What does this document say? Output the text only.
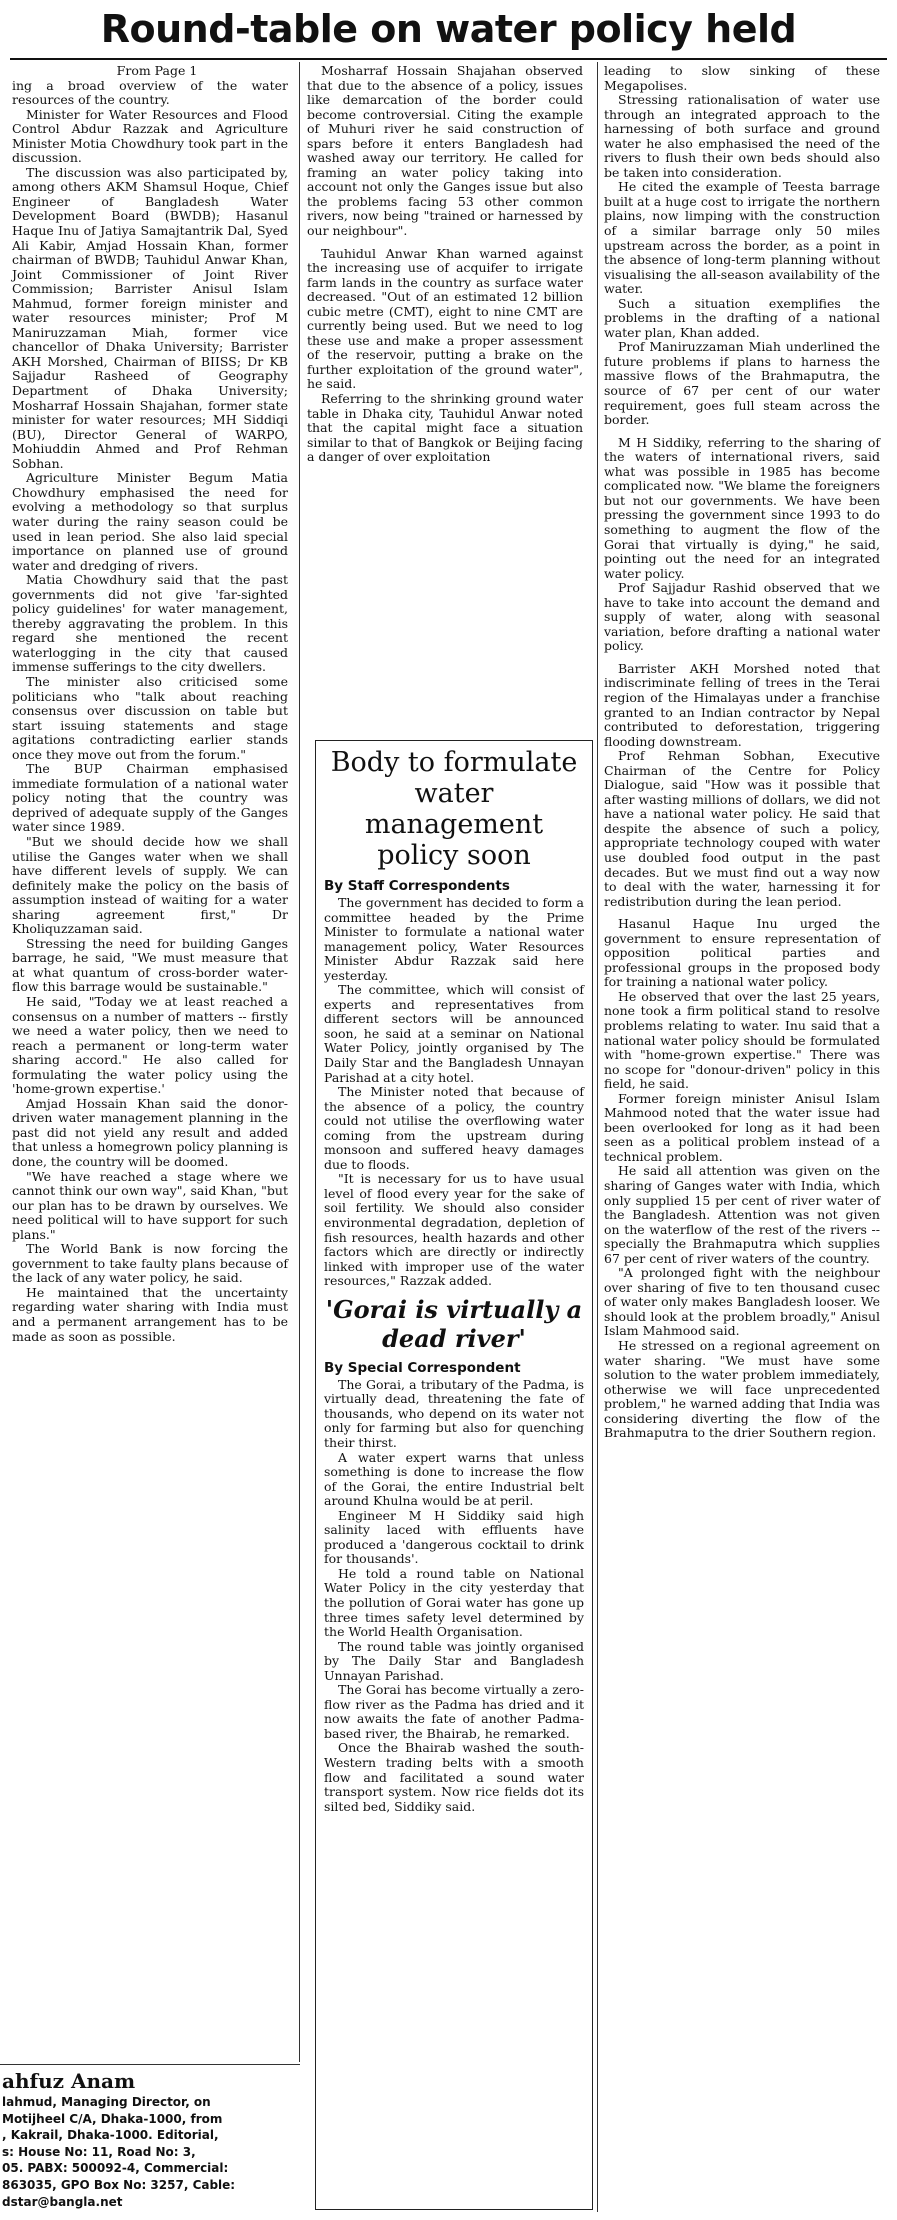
Round-table on water policy held

From Page 1

ing a broad overview of the water resources of the country.

Minister for Water Resources and Flood Control Abdur Razzak and Agriculture Minister Motia Chowdhury took part in the discussion.

The discussion was also participated by, among others AKM Shamsul Hoque, Chief Engineer of Bangladesh Water Development Board (BWDB); Hasanul Haque Inu of Jatiya Samajtantrik Dal, Syed Ali Kabir, Amjad Hossain Khan, former chairman of BWDB; Tauhidul Anwar Khan, Joint Commissioner of Joint River Commission; Barrister Anisul Islam Mahmud, former foreign minister and water resources minister; Prof M Maniruzzaman Miah, former vice chancellor of Dhaka University; Barrister AKH Morshed, Chairman of BIISS; Dr KB Sajjadur Rasheed of Geography Department of Dhaka University; Mosharraf Hossain Shajahan, former state minister for water resources; MH Siddiqi (BU), Director General of WARPO, Mohiuddin Ahmed and Prof Rehman Sobhan.

Agriculture Minister Begum Matia Chowdhury emphasised the need for evolving a methodology so that surplus water during the rainy season could be used in lean period. She also laid special importance on planned use of ground water and dredging of rivers.

Matia Chowdhury said that the past governments did not give 'far-sighted policy guidelines' for water management, thereby aggravating the problem. In this regard she mentioned the recent waterlogging in the city that caused immense sufferings to the city dwellers.

The minister also criticised some politicians who "talk about reaching consensus over discussion on table but start issuing statements and stage agitations contradicting earlier stands once they move out from the forum."

The BUP Chairman emphasised immediate formulation of a national water policy noting that the country was deprived of adequate supply of the Ganges water since 1989.

"But we should decide how we shall utilise the Ganges water when we shall have different levels of supply. We can definitely make the policy on the basis of assumption instead of waiting for a water sharing agreement first," Dr Kholiquzzaman said.

Stressing the need for building Ganges barrage, he said, "We must measure that at what quantum of cross-border water-flow this barrage would be sustainable."

He said, "Today we at least reached a consensus on a number of matters -- firstly we need a water policy, then we need to reach a permanent or long-term water sharing accord." He also called for formulating the water policy using the 'home-grown expertise.'

Amjad Hossain Khan said the donor-driven water management planning in the past did not yield any result and added that unless a homegrown policy planning is done, the country will be doomed.

"We have reached a stage where we cannot think our own way", said Khan, "but our plan has to be drawn by ourselves. We need political will to have support for such plans."

The World Bank is now forcing the government to take faulty plans because of the lack of any water policy, he said.

He maintained that the uncertainty regarding water sharing with India must and a permanent arrangement has to be made as soon as possible.

Mosharraf Hossain Shajahan observed that due to the absence of a policy, issues like demarcation of the border could become controversial. Citing the example of Muhuri river he said construction of spars before it enters Bangladesh had washed away our territory. He called for framing an water policy taking into account not only the Ganges issue but also the problems facing 53 other common rivers, now being "trained or harnessed by our neighbour".

Tauhidul Anwar Khan warned against the increasing use of acquifer to irrigate farm lands in the country as surface water decreased. "Out of an estimated 12 billion cubic metre (CMT), eight to nine CMT are currently being used. But we need to log these use and make a proper assessment of the reservoir, putting a brake on the further exploitation of the ground water", he said.

Referring to the shrinking ground water table in Dhaka city, Tauhidul Anwar noted that the capital might face a situation similar to that of Bangkok or Beijing facing a danger of over exploitation

Body to formulate water management policy soon
By Staff Correspondents

The government has decided to form a committee headed by the Prime Minister to formulate a national water management policy, Water Resources Minister Abdur Razzak said here yesterday.

The committee, which will consist of experts and representatives from different sectors will be announced soon, he said at a seminar on National Water Policy, jointly organised by The Daily Star and the Bangladesh Unnayan Parishad at a city hotel.

The Minister noted that because of the absence of a policy, the country could not utilise the overflowing water coming from the upstream during monsoon and suffered heavy damages due to floods.

"It is necessary for us to have usual level of flood every year for the sake of soil fertility. We should also consider environmental degradation, depletion of fish resources, health hazards and other factors which are directly or indirectly linked with improper use of the water resources," Razzak added.

'Gorai is virtually a dead river'
By Special Correspondent

The Gorai, a tributary of the Padma, is virtually dead, threatening the fate of thousands, who depend on its water not only for farming but also for quenching their thirst.

A water expert warns that unless something is done to increase the flow of the Gorai, the entire Industrial belt around Khulna would be at peril.

Engineer M H Siddiky said high salinity laced with effluents have produced a 'dangerous cocktail to drink for thousands'.

He told a round table on National Water Policy in the city yesterday that the pollution of Gorai water has gone up three times safety level determined by the World Health Organisation.

The round table was jointly organised by The Daily Star and Bangladesh Unnayan Parishad.

The Gorai has become virtually a zero-flow river as the Padma has dried and it now awaits the fate of another Padma-based river, the Bhairab, he remarked.

Once the Bhairab washed the south-Western trading belts with a smooth flow and facilitated a sound water transport system. Now rice fields dot its silted bed, Siddiky said.

leading to slow sinking of these Megapolises.

Stressing rationalisation of water use through an integrated approach to the harnessing of both surface and ground water he also emphasised the need of the rivers to flush their own beds should also be taken into consideration.

He cited the example of Teesta barrage built at a huge cost to irrigate the northern plains, now limping with the construction of a similar barrage only 50 miles upstream across the border, as a point in the absence of long-term planning without visualising the all-season availability of the water.

Such a situation exemplifies the problems in the drafting of a national water plan, Khan added.

Prof Maniruzzaman Miah underlined the future problems if plans to harness the massive flows of the Brahmaputra, the source of 67 per cent of our water requirement, goes full steam across the border.

M H Siddiky, referring to the sharing of the waters of international rivers, said what was possible in 1985 has become complicated now. "We blame the foreigners but not our governments. We have been pressing the government since 1993 to do something to augment the flow of the Gorai that virtually is dying," he said, pointing out the need for an integrated water policy.

Prof Sajjadur Rashid observed that we have to take into account the demand and supply of water, along with seasonal variation, before drafting a national water policy.

Barrister AKH Morshed noted that indiscriminate felling of trees in the Terai region of the Himalayas under a franchise granted to an Indian contractor by Nepal contributed to deforestation, triggering flooding downstream.

Prof Rehman Sobhan, Executive Chairman of the Centre for Policy Dialogue, said "How was it possible that after wasting millions of dollars, we did not have a national water policy. He said that despite the absence of such a policy, appropriate technology couped with water use doubled food output in the past decades. But we must find out a way now to deal with the water, harnessing it for redistribution during the lean period.

Hasanul Haque Inu urged the government to ensure representation of opposition political parties and professional groups in the proposed body for training a national water policy.

He observed that over the last 25 years, none took a firm political stand to resolve problems relating to water. Inu said that a national water policy should be formulated with "home-grown expertise." There was no scope for "donour-driven" policy in this field, he said.

Former foreign minister Anisul Islam Mahmood noted that the water issue had been overlooked for long as it had been seen as a political problem instead of a technical problem.

He said all attention was given on the sharing of Ganges water with India, which only supplied 15 per cent of river water of the Bangladesh. Attention was not given on the waterflow of the rest of the rivers -- specially the Brahmaputra which supplies 67 per cent of river waters of the country.

"A prolonged fight with the neighbour over sharing of five to ten thousand cusec of water only makes Bangladesh looser. We should look at the problem broadly," Anisul Islam Mahmood said.

He stressed on a regional agreement on water sharing. "We must have some solution to the water problem immediately, otherwise we will face unprecedented problem," he warned adding that India was considering diverting the flow of the Brahmaputra to the drier Southern region.

ahfuz Anam
lahmud, Managing Director, on
Motijheel C/A, Dhaka-1000, from
, Kakrail, Dhaka-1000. Editorial,
s: House No: 11, Road No: 3,
05. PABX: 500092-4, Commercial:
863035, GPO Box No: 3257, Cable:
dstar@bangla.net
